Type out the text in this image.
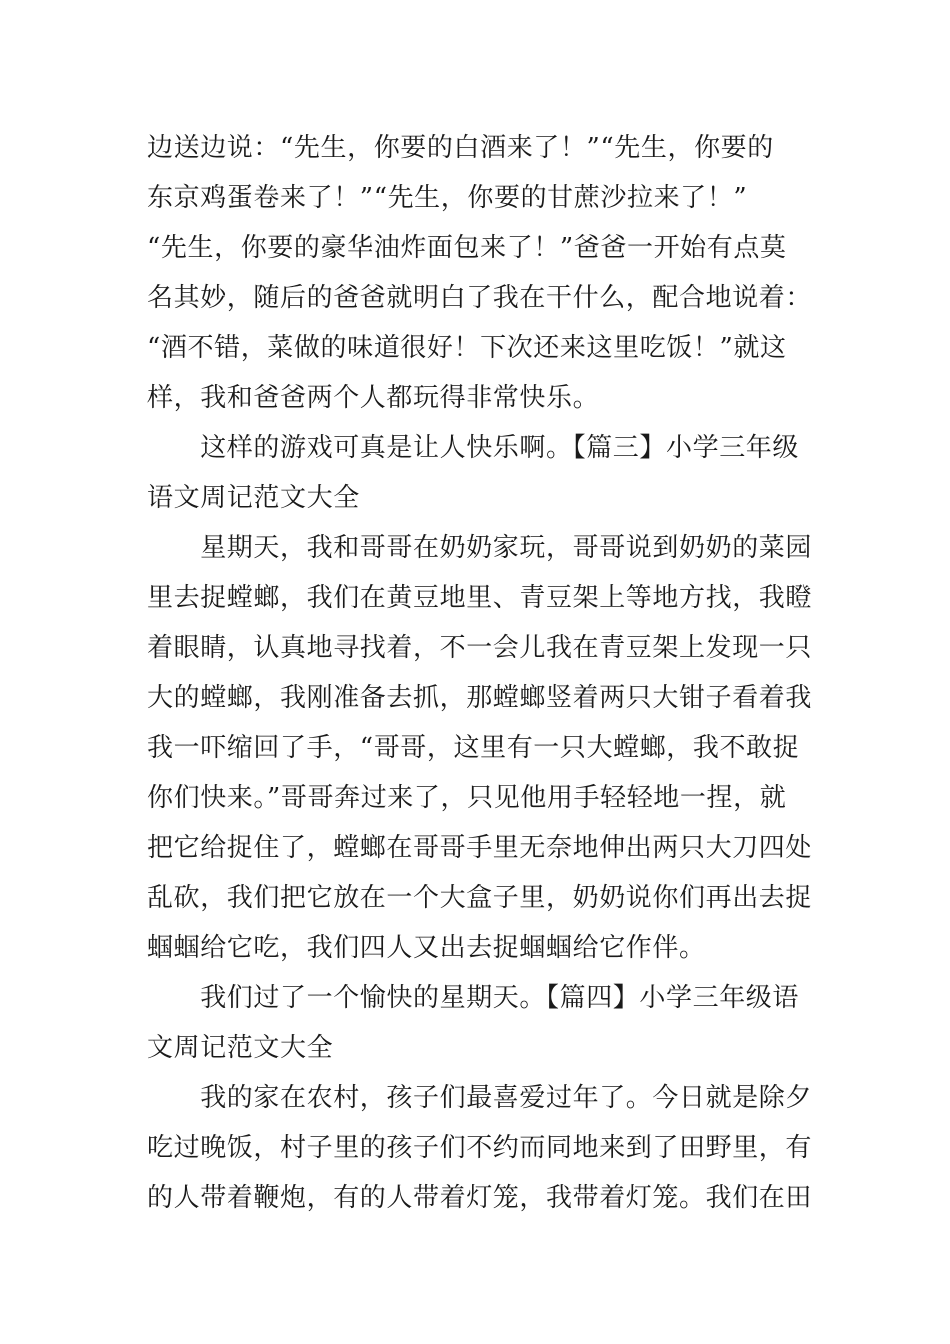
边送边说：“先生，你要的白酒来了！”“先生，你要的
东京鸡蛋卷来了！”“先生，你要的甘蔗沙拉来了！”
“先生，你要的豪华油炸面包来了！”爸爸一开始有点莫
名其妙，随后的爸爸就明白了我在干什么，配合地说着：
“酒不错，菜做的味道很好！下次还来这里吃饭！”就这
样，我和爸爸两个人都玩得非常快乐。
　　这样的游戏可真是让人快乐啊。【篇三】小学三年级
语文周记范文大全
　　星期天，我和哥哥在奶奶家玩，哥哥说到奶奶的菜园
里去捉螳螂，我们在黄豆地里、青豆架上等地方找，我瞪
着眼睛，认真地寻找着，不一会儿我在青豆架上发现一只
大的螳螂，我刚准备去抓，那螳螂竖着两只大钳子看着我
我一吓缩回了手，“哥哥，这里有一只大螳螂，我不敢捉
你们快来。”哥哥奔过来了，只见他用手轻轻地一捏，就
把它给捉住了，螳螂在哥哥手里无奈地伸出两只大刀四处
乱砍，我们把它放在一个大盒子里，奶奶说你们再出去捉
蝈蝈给它吃，我们四人又出去捉蝈蝈给它作伴。
　　我们过了一个愉快的星期天。【篇四】小学三年级语
文周记范文大全
　　我的家在农村，孩子们最喜爱过年了。今日就是除夕
吃过晚饭，村子里的孩子们不约而同地来到了田野里，有
的人带着鞭炮，有的人带着灯笼，我带着灯笼。我们在田
